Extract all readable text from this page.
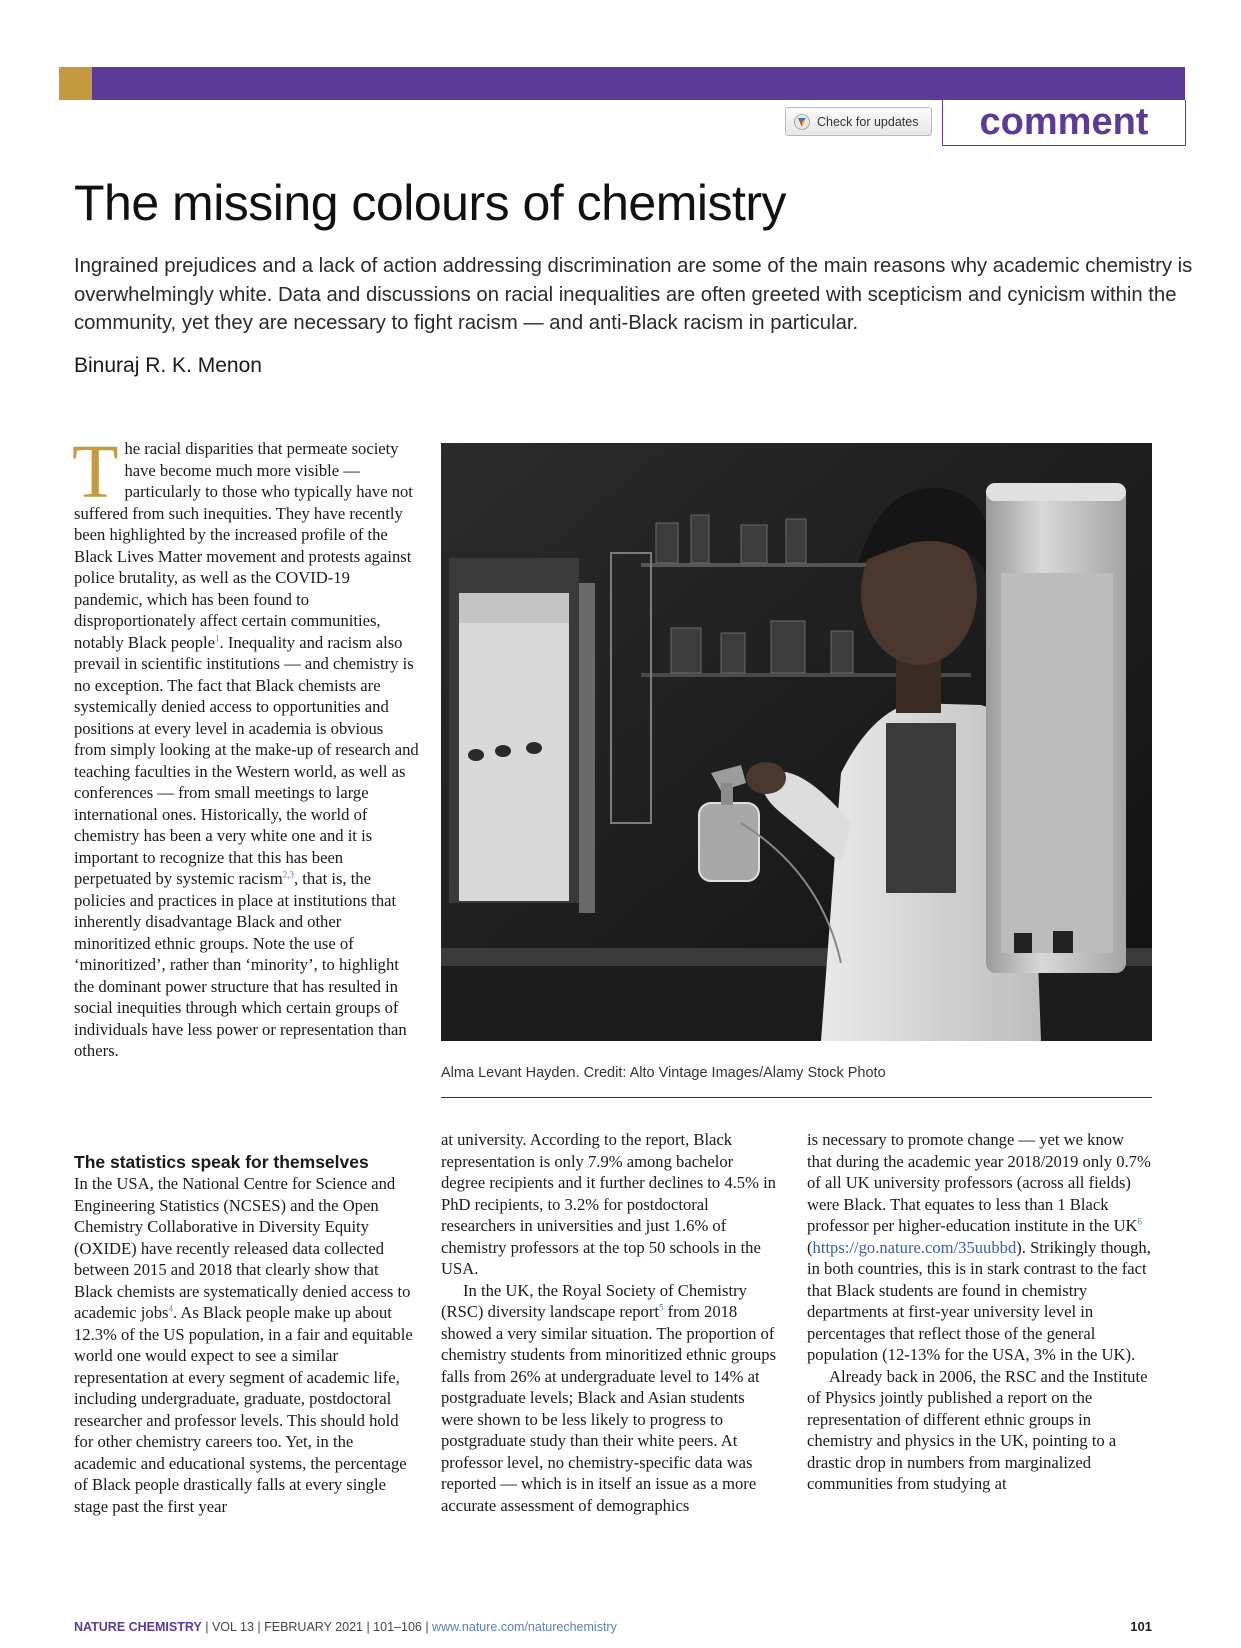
Check for updates	comment
The missing colours of chemistry
Ingrained prejudices and a lack of action addressing discrimination are some of the main reasons why academic chemistry is overwhelmingly white. Data and discussions on racial inequalities are often greeted with scepticism and cynicism within the community, yet they are necessary to fight racism — and anti-Black racism in particular.
Binuraj R. K. Menon

The racial disparities that permeate society have become much more visible — particularly to those who typically have not suffered from such inequities. They have recently been highlighted by the increased profile of the Black Lives Matter movement and protests against police brutality, as well as the COVID-19 pandemic, which has been found to disproportionately affect certain communities, notably Black people$^1$. Inequality and racism also prevail in scientific institutions — and chemistry is no exception. The fact that Black chemists are systemically denied access to opportunities and positions at every level in academia is obvious from simply looking at the make-up of research and teaching faculties in the Western world, as well as conferences — from small meetings to large international ones. Historically, the world of chemistry has been a very white one and it is important to recognize that this has been perpetuated by systemic racism$^{2,3}$, that is, the policies and practices in place at institutions that inherently disadvantage Black and other minoritized ethnic groups. Note the use of ‘minoritized’, rather than ‘minority’, to highlight the dominant power structure that has resulted in social inequities through which certain groups of individuals have less power or representation than others.

The statistics speak for themselves

In the USA, the National Centre for Science and Engineering Statistics (NCSES) and the Open Chemistry Collaborative in Diversity Equity (OXIDE) have recently released data collected between 2015 and 2018 that clearly show that Black chemists are systematically denied access to academic jobs$^4$. As Black people make up about 12.3% of the US population, in a fair and equitable world one would expect to see a similar representation at every segment of academic life, including undergraduate, graduate, postdoctoral researcher and professor levels. This should hold for other chemistry careers too. Yet, in the academic and educational systems, the percentage of Black people drastically falls at every single stage past the first year

at university. According to the report, Black representation is only 7.9% among bachelor degree recipients and it further declines to 4.5% in PhD recipients, to 3.2% for postdoctoral researchers in universities and just 1.6% of chemistry professors at the top 50 schools in the USA.

In the UK, the Royal Society of Chemistry (RSC) diversity landscape report$^5$ from 2018 showed a very similar situation. The proportion of chemistry students from minoritized ethnic groups falls from 26% at undergraduate level to 14% at postgraduate levels; Black and Asian students were shown to be less likely to progress to postgraduate study than their white peers. At professor level, no chemistry-specific data was reported — which is in itself an issue as a more accurate assessment of demographics

is necessary to promote change — yet we know that during the academic year 2018/2019 only 0.7% of all UK university professors (across all fields) were Black. That equates to less than 1 Black professor per higher-education institute in the $UK^6$ (https://go.nature.com/35uubbd). Strikingly though, in both countries, this is in stark contrast to the fact that Black students are found in chemistry departments at first-year university level in percentages that reflect those of the general population (12-13% for the USA, 3% in the UK).

Already back in 2006, the RSC and the Institute of Physics jointly published a report on the representation of different ethnic groups in chemistry and physics in the UK, pointing to a drastic drop in numbers from marginalized communities from studying at

Alma Levant Hayden. Credit: Alto Vintage Images/Alamy Stock Photo
NATURE CHEMISTRY | VOL 13 | FEBRUARY 2021 | 101–106 | www.nature.com/naturechemistry	101
